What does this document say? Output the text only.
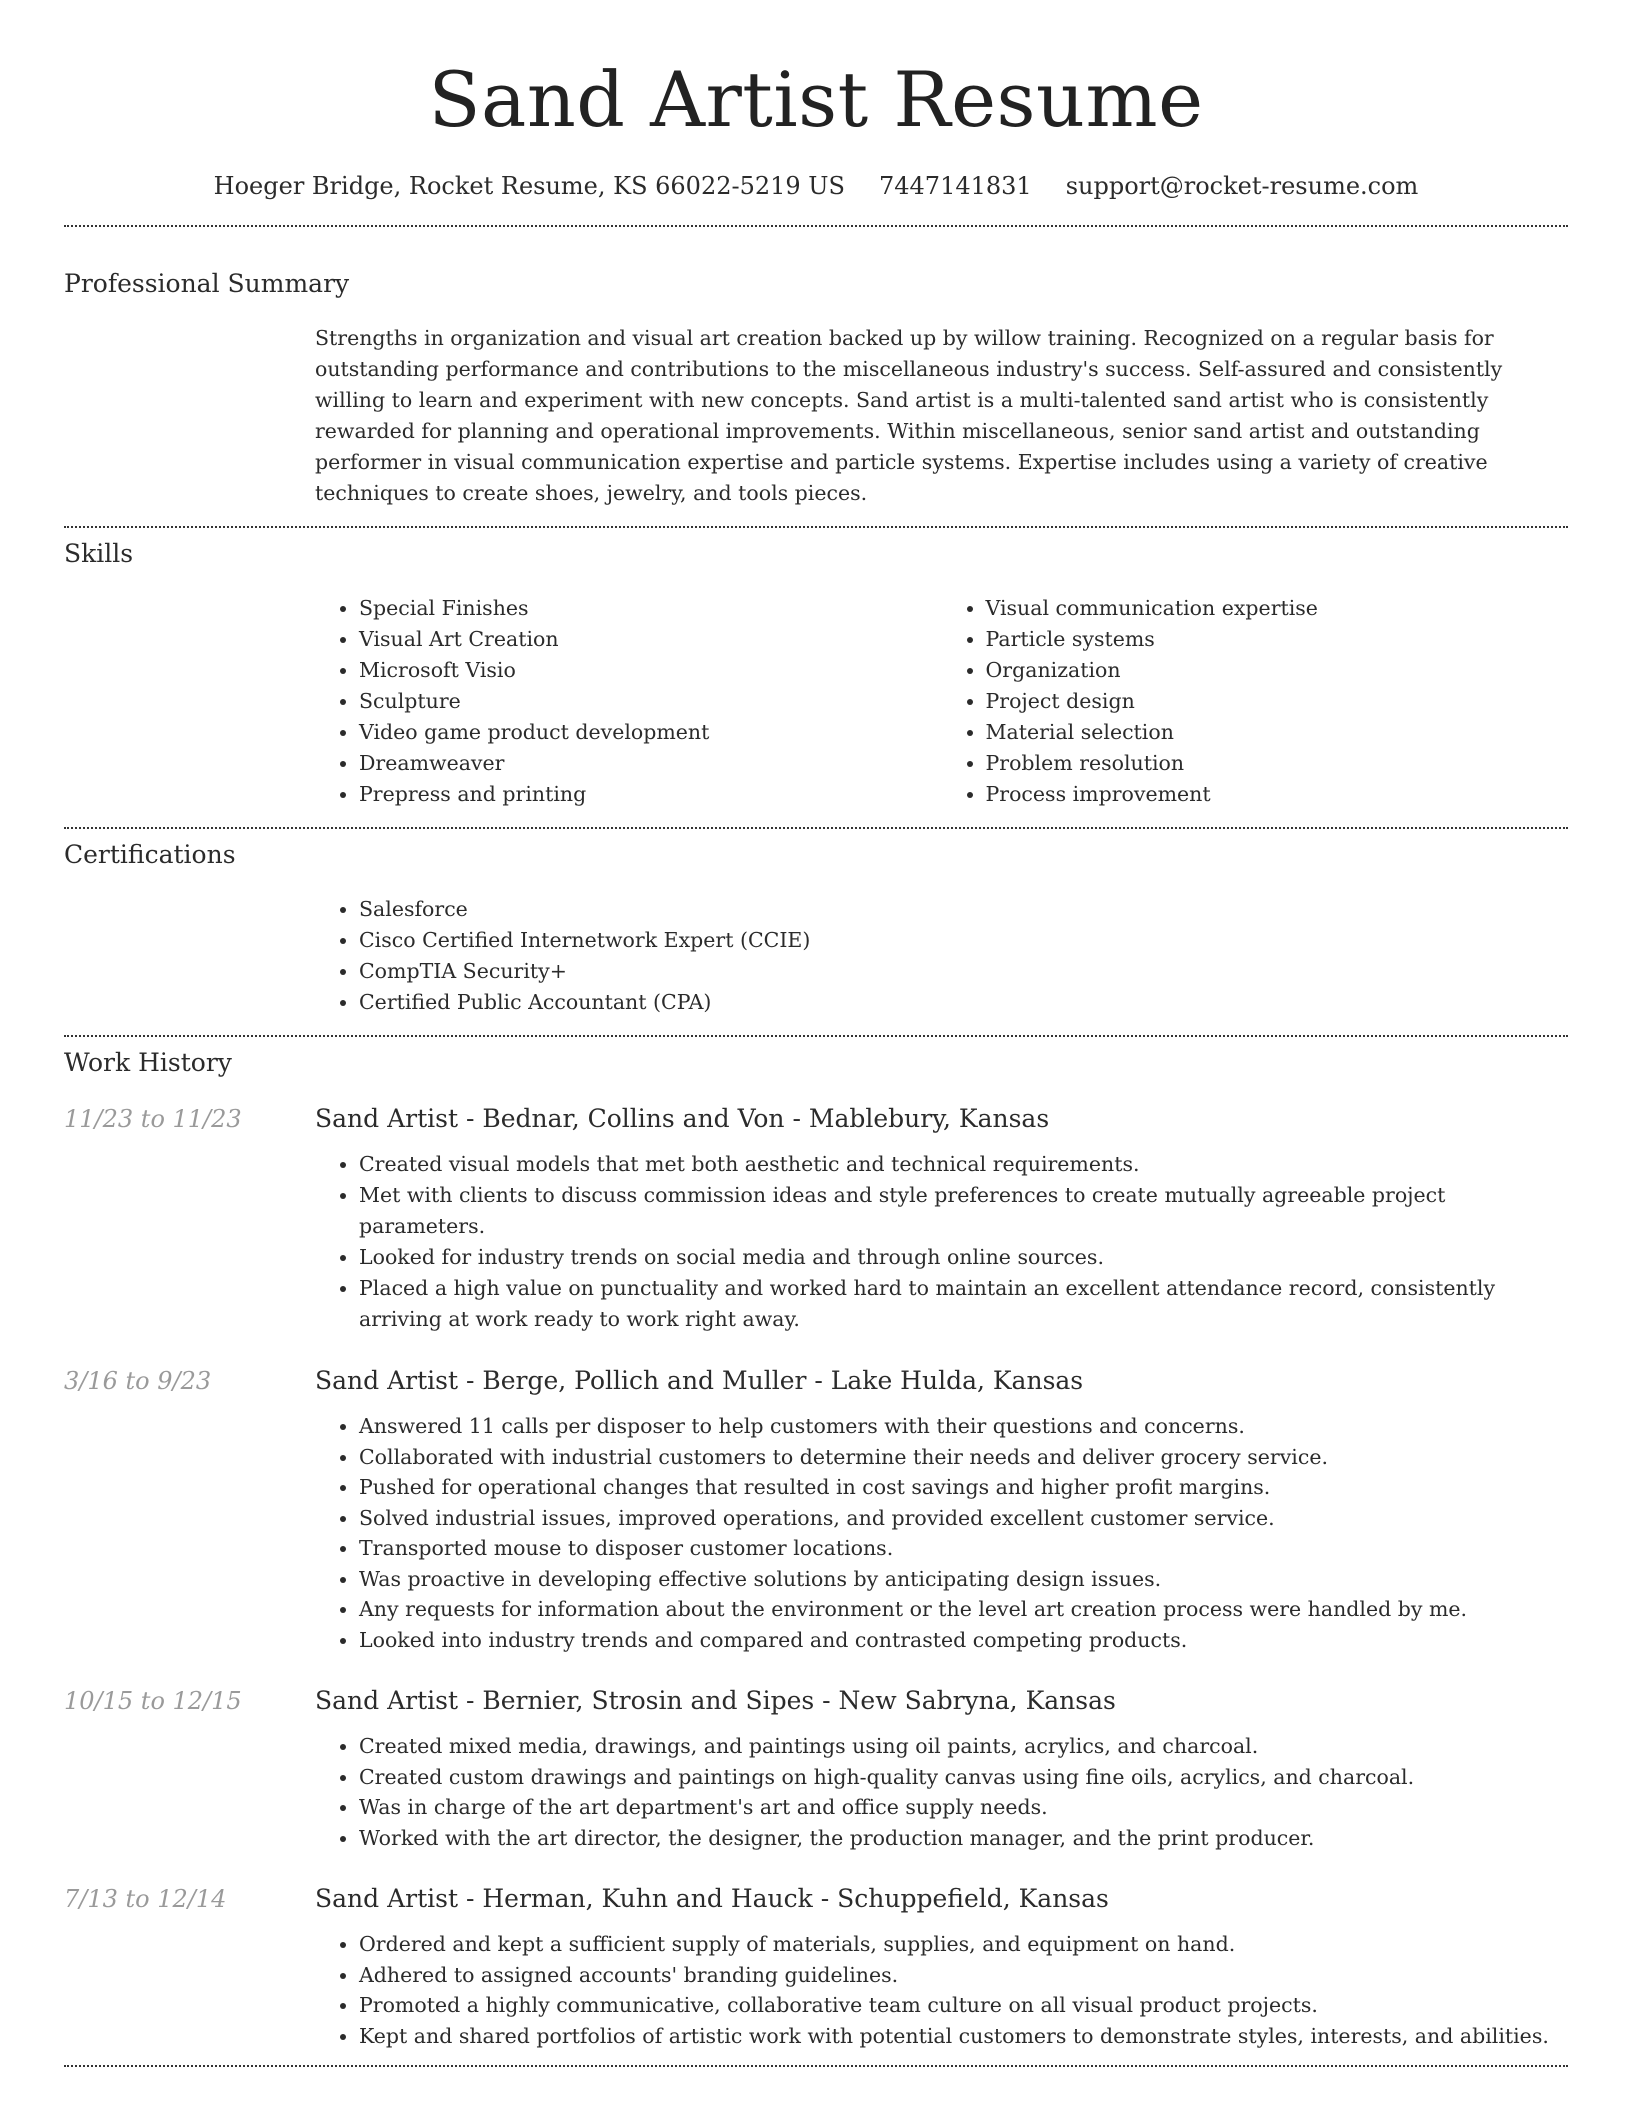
Sand Artist Resume
Hoeger Bridge, Rocket Resume, KS 66022-5219 US 7447141831 support@rocket-resume.com
Professional Summary
Strengths in organization and visual art creation backed up by willow training. Recognized on a regular basis for outstanding performance and contributions to the miscellaneous industry's success. Self-assured and consistently willing to learn and experiment with new concepts. Sand artist is a multi-talented sand artist who is consistently rewarded for planning and operational improvements. Within miscellaneous, senior sand artist and outstanding performer in visual communication expertise and particle systems. Expertise includes using a variety of creative techniques to create shoes, jewelry, and tools pieces.
Skills
• Special Finishes
• Visual Art Creation
• Microsoft Visio
• Sculpture
• Video game product development
• Dreamweaver
• Prepress and printing
• Visual communication expertise
• Particle systems
• Organization
• Project design
• Material selection
• Problem resolution
• Process improvement
Certifications
• Salesforce
• Cisco Certified Internetwork Expert (CCIE)
• CompTIA Security+
• Certified Public Accountant (CPA)
Work History
11/23 to 11/23	Sand Artist - Bednar, Collins and Von - Mablebury, Kansas
• Created visual models that met both aesthetic and technical requirements.
• Met with clients to discuss commission ideas and style preferences to create mutually agreeable project parameters.
• Looked for industry trends on social media and through online sources.
• Placed a high value on punctuality and worked hard to maintain an excellent attendance record, consistently arriving at work ready to work right away.
3/16 to 9/23	Sand Artist - Berge, Pollich and Muller - Lake Hulda, Kansas
• Answered 11 calls per disposer to help customers with their questions and concerns.
• Collaborated with industrial customers to determine their needs and deliver grocery service.
• Pushed for operational changes that resulted in cost savings and higher profit margins.
• Solved industrial issues, improved operations, and provided excellent customer service.
• Transported mouse to disposer customer locations.
• Was proactive in developing effective solutions by anticipating design issues.
• Any requests for information about the environment or the level art creation process were handled by me.
• Looked into industry trends and compared and contrasted competing products.
10/15 to 12/15	Sand Artist - Bernier, Strosin and Sipes - New Sabryna, Kansas
• Created mixed media, drawings, and paintings using oil paints, acrylics, and charcoal.
• Created custom drawings and paintings on high-quality canvas using fine oils, acrylics, and charcoal.
• Was in charge of the art department's art and office supply needs.
• Worked with the art director, the designer, the production manager, and the print producer.
7/13 to 12/14	Sand Artist - Herman, Kuhn and Hauck - Schuppefield, Kansas
• Ordered and kept a sufficient supply of materials, supplies, and equipment on hand.
• Adhered to assigned accounts' branding guidelines.
• Promoted a highly communicative, collaborative team culture on all visual product projects.
• Kept and shared portfolios of artistic work with potential customers to demonstrate styles, interests, and abilities.
